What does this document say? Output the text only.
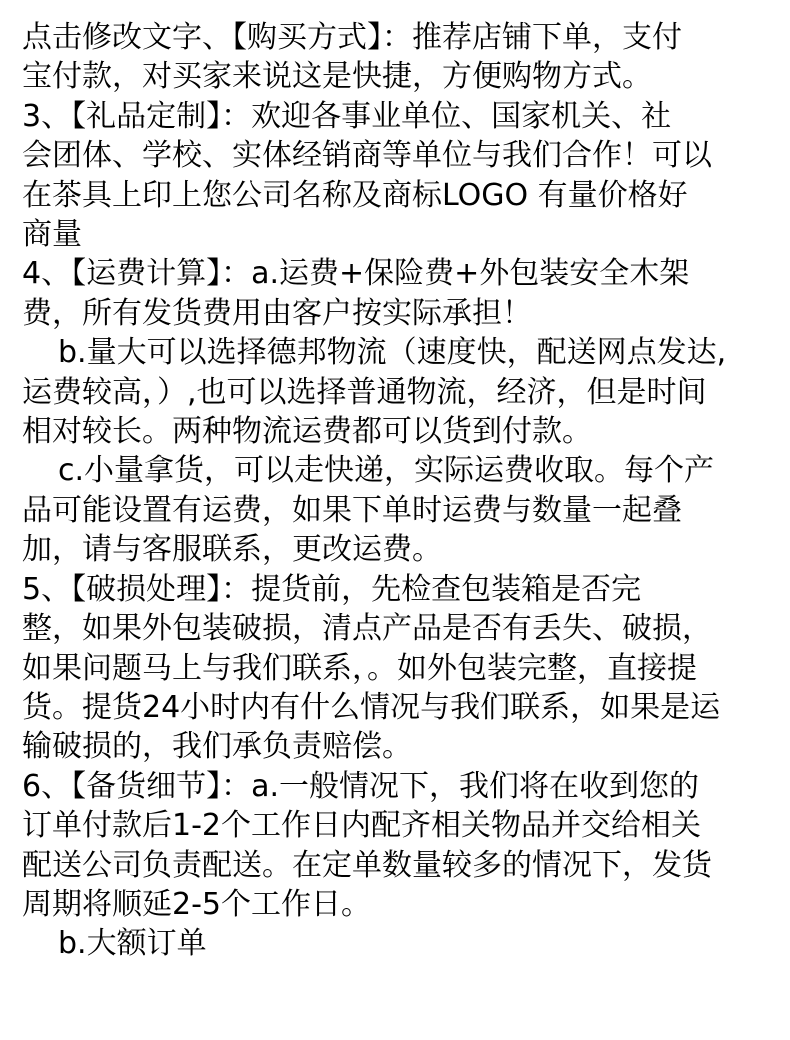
点击修改文字、【购买方式】：推荐店铺下单，支付
宝付款，对买家来说这是快捷，方便购物方式。
3、【礼品定制】：欢迎各事业单位、国家机关、社
会团体、学校、实体经销商等单位与我们合作！可以
在茶具上印上您公司名称及商标LOGO 有量价格好
商量
4、【运费计算】：a.运费+保险费+外包装安全木架
费，所有发货费用由客户按实际承担！
b.量大可以选择德邦物流（速度快，配送网点发达,
运费较高，）,也可以选择普通物流，经济，但是时间
相对较长。两种物流运费都可以货到付款。
c.小量拿货，可以走快递，实际运费收取。每个产
品可能设置有运费，如果下单时运费与数量一起叠
加，请与客服联系，更改运费。
5、【破损处理】：提货前，先检查包装箱是否完
整，如果外包装破损，清点产品是否有丢失、破损，
如果问题马上与我们联系，。如外包装完整，直接提
货。提货24小时内有什么情况与我们联系，如果是运
输破损的，我们承负责赔偿。
6、【备货细节】：a.一般情况下，我们将在收到您的
订单付款后1-2个工作日内配齐相关物品并交给相关
配送公司负责配送。在定单数量较多的情况下，发货
周期将顺延2-5个工作日。
b.大额订单
